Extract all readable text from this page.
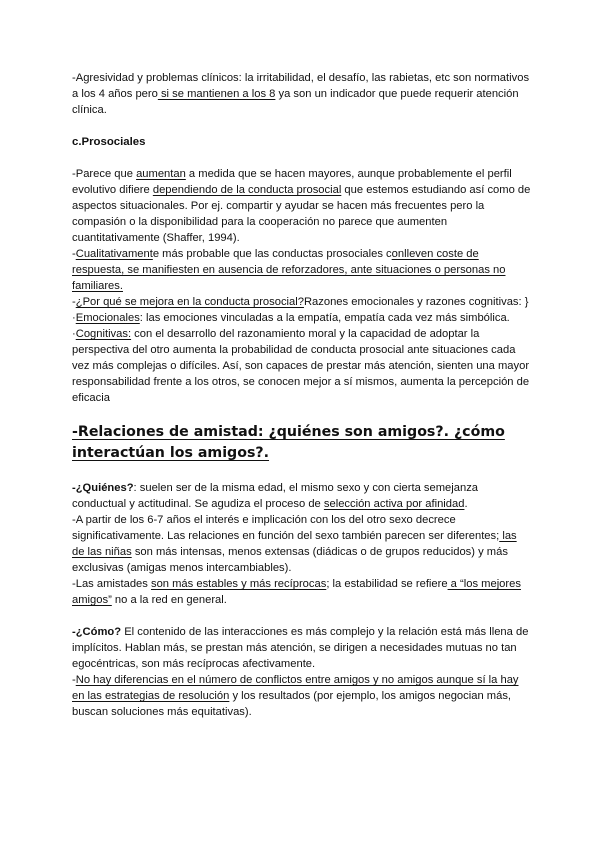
-Agresividad y problemas clínicos: la irritabilidad, el desafío, las rabietas, etc son normativos a los 4 años pero si se mantienen a los 8 ya son un indicador que puede requerir atención clínica.

c.Prosociales

-Parece que aumentan a medida que se hacen mayores, aunque probablemente el perfil evolutivo difiere dependiendo de la conducta prosocial que estemos estudiando así como de aspectos situacionales. Por ej. compartir y ayudar se hacen más frecuentes pero la compasión o la disponibilidad para la cooperación no parece que aumenten cuantitativamente (Shaffer, 1994).

-Cualitativamente más probable que las conductas prosociales conlleven coste de respuesta, se manifiesten en ausencia de reforzadores, ante situaciones o personas no familiares.

-¿Por qué se mejora en la conducta prosocial?Razones emocionales y razones cognitivas: }

·Emocionales: las emociones vinculadas a la empatía, empatía cada vez más simbólica.

·Cognitivas: con el desarrollo del razonamiento moral y la capacidad de adoptar la perspectiva del otro aumenta la probabilidad de conducta prosocial ante situaciones cada vez más complejas o difíciles. Así, son capaces de prestar más atención, sienten una mayor responsabilidad frente a los otros, se conocen mejor a sí mismos, aumenta la percepción de eficacia

-Relaciones de amistad: ¿quiénes son amigos?. ¿cómo interactúan los amigos?.

-¿Quiénes?: suelen ser de la misma edad, el mismo sexo y con cierta semejanza conductual y actitudinal. Se agudiza el proceso de selección activa por afinidad.

-A partir de los 6-7 años el interés e implicación con los del otro sexo decrece significativamente. Las relaciones en función del sexo también parecen ser diferentes; las de las niñas son más intensas, menos extensas (diádicas o de grupos reducidos) y más exclusivas (amigas menos intercambiables).

-Las amistades son más estables y más recíprocas; la estabilidad se refiere a “los mejores amigos” no a la red en general.

-¿Cómo? El contenido de las interacciones es más complejo y la relación está más llena de implícitos. Hablan más, se prestan más atención, se dirigen a necesidades mutuas no tan egocéntricas, son más recíprocas afectivamente.

-No hay diferencias en el número de conflictos entre amigos y no amigos aunque sí la hay en las estrategias de resolución y los resultados (por ejemplo, los amigos negocian más, buscan soluciones más equitativas).
